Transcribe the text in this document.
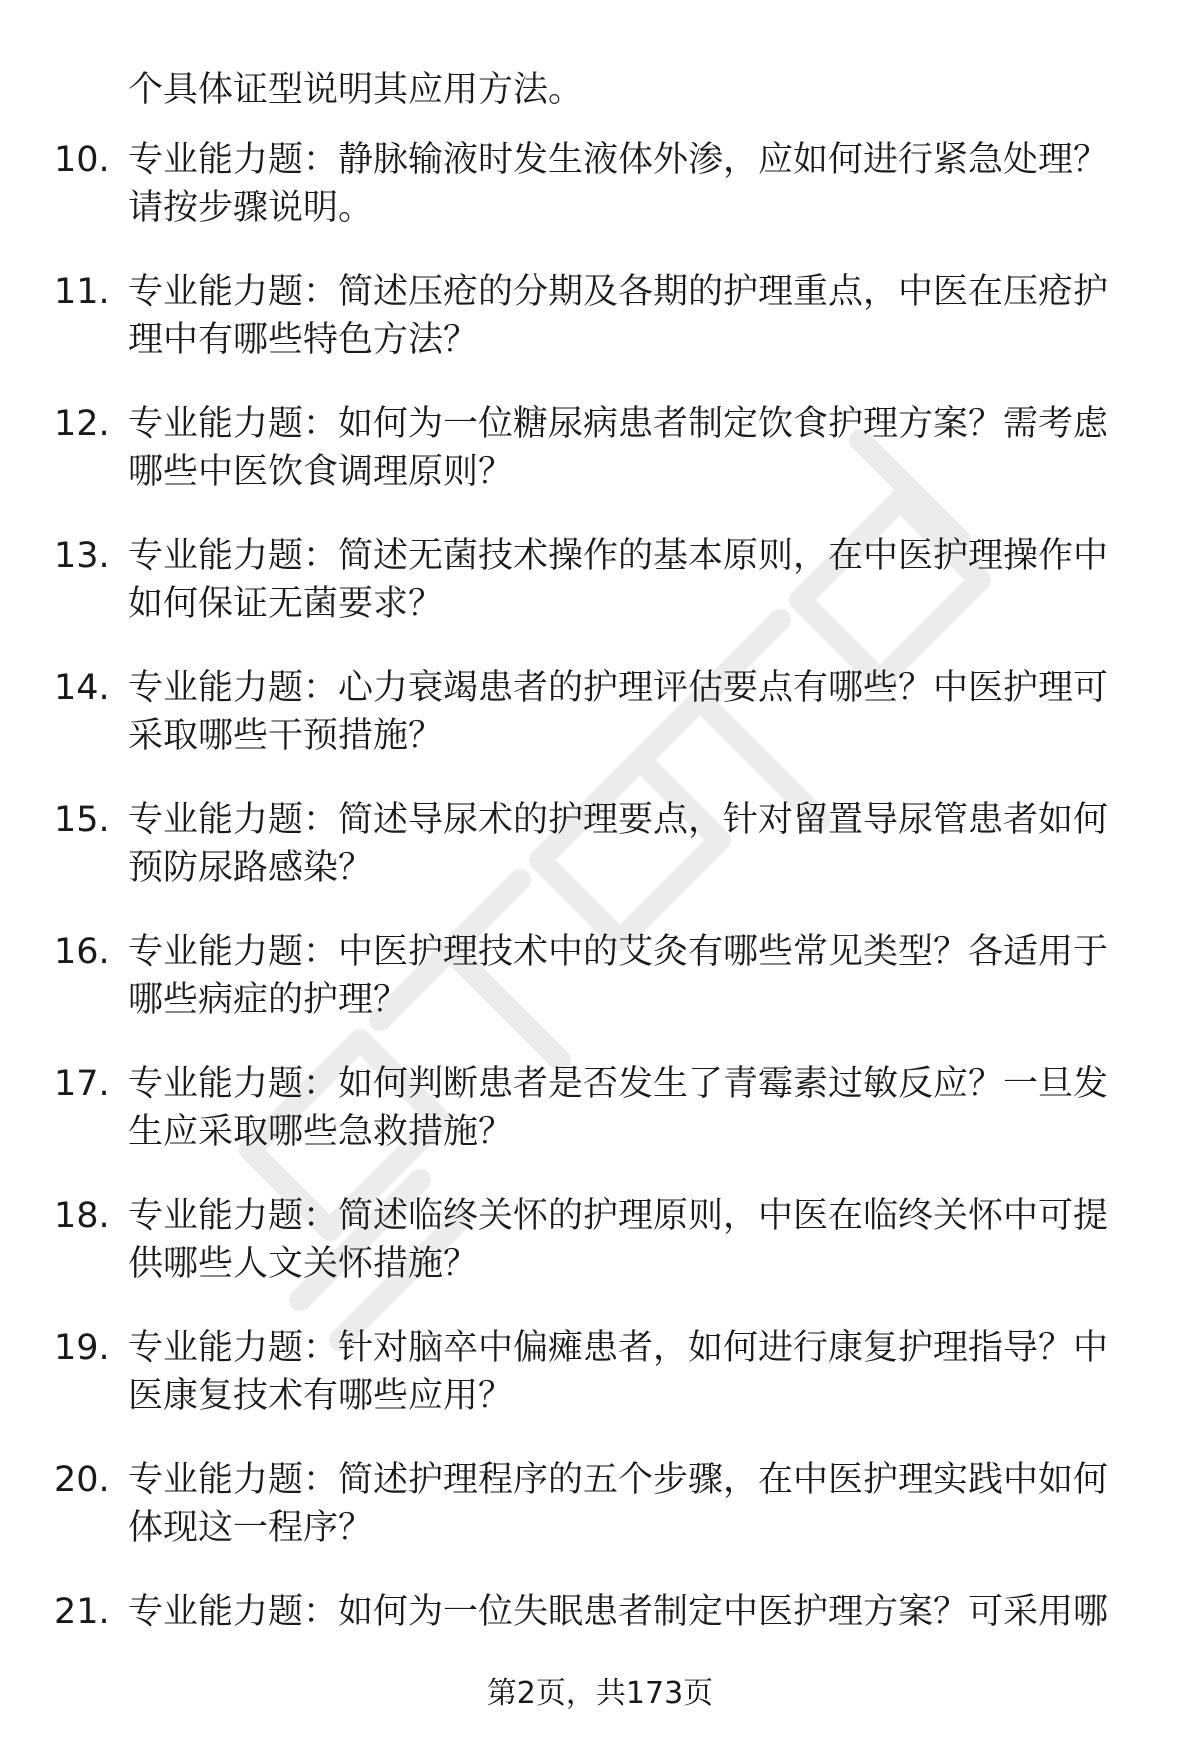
个具体证型说明其应用方法。
10. 专业能力题：静脉输液时发生液体外渗，应如何进行紧急处理？
请按步骤说明。
11. 专业能力题：简述压疮的分期及各期的护理重点，中医在压疮护
理中有哪些特色方法？
12. 专业能力题：如何为一位糖尿病患者制定饮食护理方案？需考虑
哪些中医饮食调理原则？
13. 专业能力题：简述无菌技术操作的基本原则，在中医护理操作中
如何保证无菌要求？
14. 专业能力题：心力衰竭患者的护理评估要点有哪些？中医护理可
采取哪些干预措施？
15. 专业能力题：简述导尿术的护理要点，针对留置导尿管患者如何
预防尿路感染？
16. 专业能力题：中医护理技术中的艾灸有哪些常见类型？各适用于
哪些病症的护理？
17. 专业能力题：如何判断患者是否发生了青霉素过敏反应？一旦发
生应采取哪些急救措施？
18. 专业能力题：简述临终关怀的护理原则，中医在临终关怀中可提
供哪些人文关怀措施？
19. 专业能力题：针对脑卒中偏瘫患者，如何进行康复护理指导？中
医康复技术有哪些应用？
20. 专业能力题：简述护理程序的五个步骤，在中医护理实践中如何
体现这一程序？
21. 专业能力题：如何为一位失眠患者制定中医护理方案？可采用哪
第2页，共173页
